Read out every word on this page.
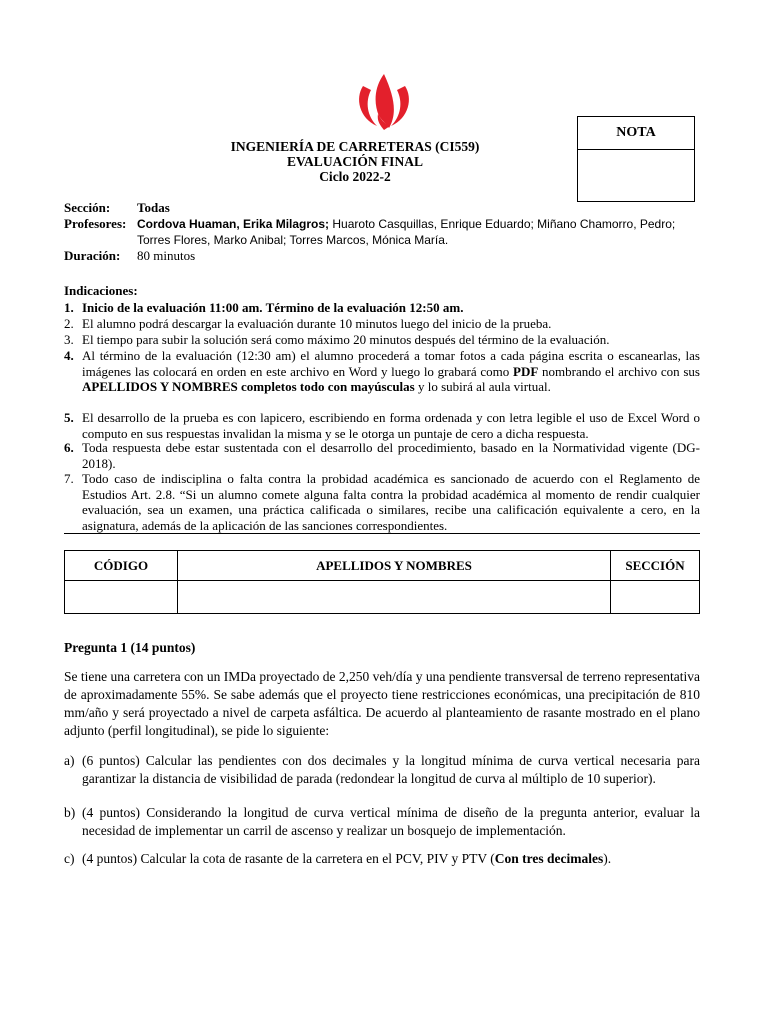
NOTA
INGENIERÍA DE CARRETERAS (CI559)
EVALUACIÓN FINAL
Ciclo 2022-2
Sección: Todas
Profesores: Cordova Huaman, Erika Milagros; Huaroto Casquillas, Enrique Eduardo; Miñano Chamorro, Pedro;
Torres Flores, Marko Anibal; Torres Marcos, Mónica María.
Duración: 80 minutos
Indicaciones:
1. Inicio de la evaluación 11:00 am. Término de la evaluación 12:50 am.
2. El alumno podrá descargar la evaluación durante 10 minutos luego del inicio de la prueba.
3. El tiempo para subir la solución será como máximo 20 minutos después del término de la evaluación.
4. Al término de la evaluación (12:30 am) el alumno procederá a tomar fotos a cada página escrita o escanearlas, las imágenes las colocará en orden en este archivo en Word y luego lo grabará como PDF nombrando el archivo con sus APELLIDOS Y NOMBRES completos todo con mayúsculas y lo subirá al aula virtual.
5. El desarrollo de la prueba es con lapicero, escribiendo en forma ordenada y con letra legible el uso de Excel Word o computo en sus respuestas invalidan la misma y se le otorga un puntaje de cero a dicha respuesta.
6. Toda respuesta debe estar sustentada con el desarrollo del procedimiento, basado en la Normatividad vigente (DG-2018).
7. Todo caso de indisciplina o falta contra la probidad académica es sancionado de acuerdo con el Reglamento de Estudios Art. 2.8. “Si un alumno comete alguna falta contra la probidad académica al momento de rendir cualquier evaluación, sea un examen, una práctica calificada o similares, recibe una calificación equivalente a cero, en la asignatura, además de la aplicación de las sanciones correspondientes.
CÓDIGO	APELLIDOS Y NOMBRES	SECCIÓN

Pregunta 1 (14 puntos)
Se tiene una carretera con un IMDa proyectado de 2,250 veh/día y una pendiente transversal de terreno representativa de aproximadamente 55%. Se sabe además que el proyecto tiene restricciones económicas, una precipitación de 810 mm/año y será proyectado a nivel de carpeta asfáltica. De acuerdo al planteamiento de rasante mostrado en el plano adjunto (perfil longitudinal), se pide lo siguiente:
a) (6 puntos) Calcular las pendientes con dos decimales y la longitud mínima de curva vertical necesaria para garantizar la distancia de visibilidad de parada (redondear la longitud de curva al múltiplo de 10 superior).
b) (4 puntos) Considerando la longitud de curva vertical mínima de diseño de la pregunta anterior, evaluar la necesidad de implementar un carril de ascenso y realizar un bosquejo de implementación.
c) (4 puntos) Calcular la cota de rasante de la carretera en el PCV, PIV y PTV (Con tres decimales).
